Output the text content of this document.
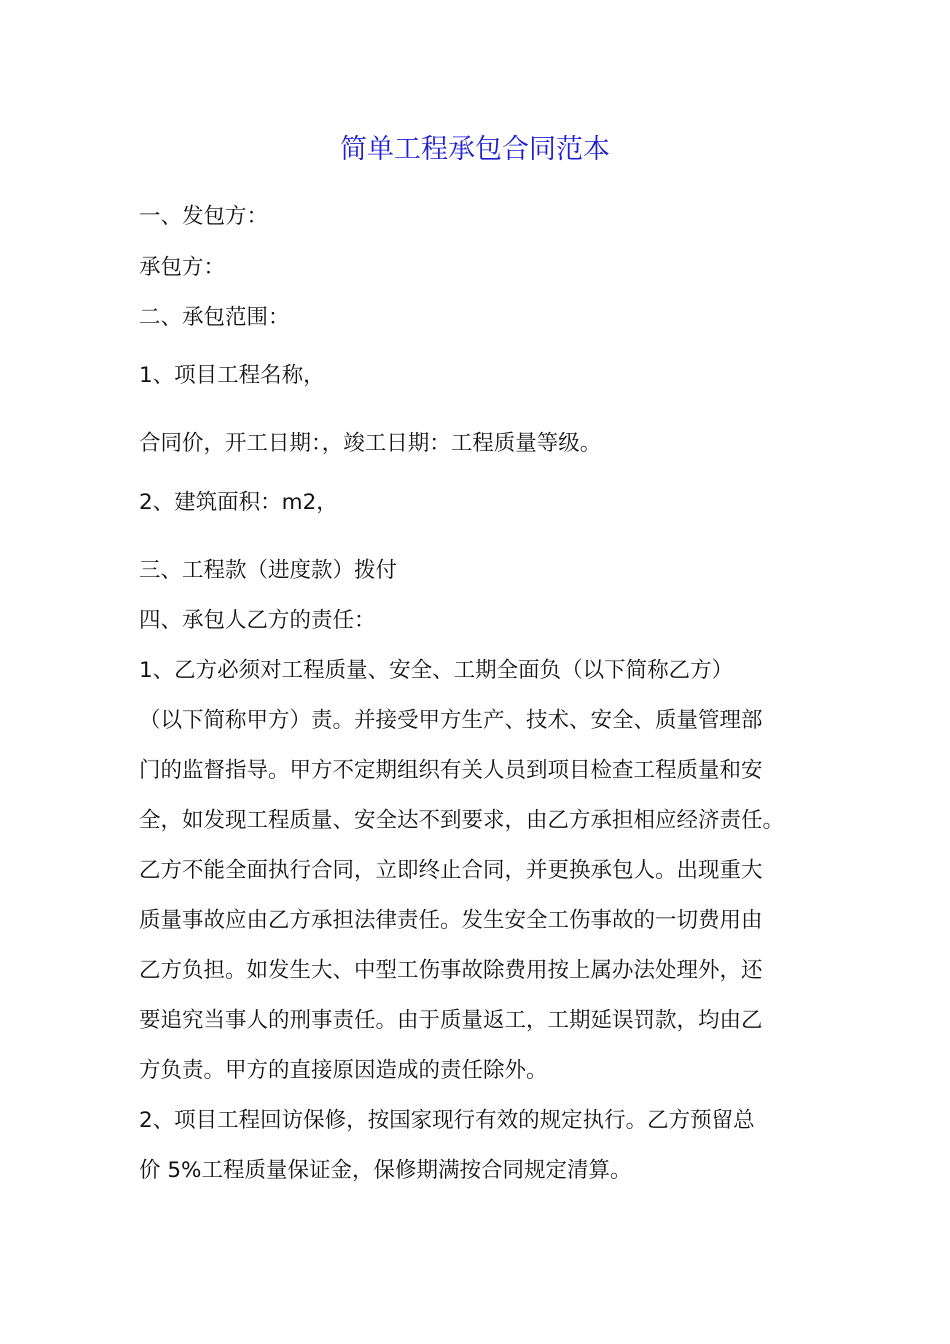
简单工程承包合同范本

一、发包方：

承包方：

二、承包范围：

1、项目工程名称，

合同价，开工日期：，竣工日期：工程质量等级。

2、建筑面积：m2，

三、工程款（进度款）拨付

四、承包人乙方的责任：

1、乙方必须对工程质量、安全、工期全面负（以下简称乙方）

（以下简称甲方）责。并接受甲方生产、技术、安全、质量管理部

门的监督指导。甲方不定期组织有关人员到项目检查工程质量和安

全，如发现工程质量、安全达不到要求，由乙方承担相应经济责任。

乙方不能全面执行合同，立即终止合同，并更换承包人。出现重大

质量事故应由乙方承担法律责任。发生安全工伤事故的一切费用由

乙方负担。如发生大、中型工伤事故除费用按上属办法处理外，还

要追究当事人的刑事责任。由于质量返工，工期延误罚款，均由乙

方负责。甲方的直接原因造成的责任除外。

2、项目工程回访保修，按国家现行有效的规定执行。乙方预留总

价 5%工程质量保证金，保修期满按合同规定清算。
